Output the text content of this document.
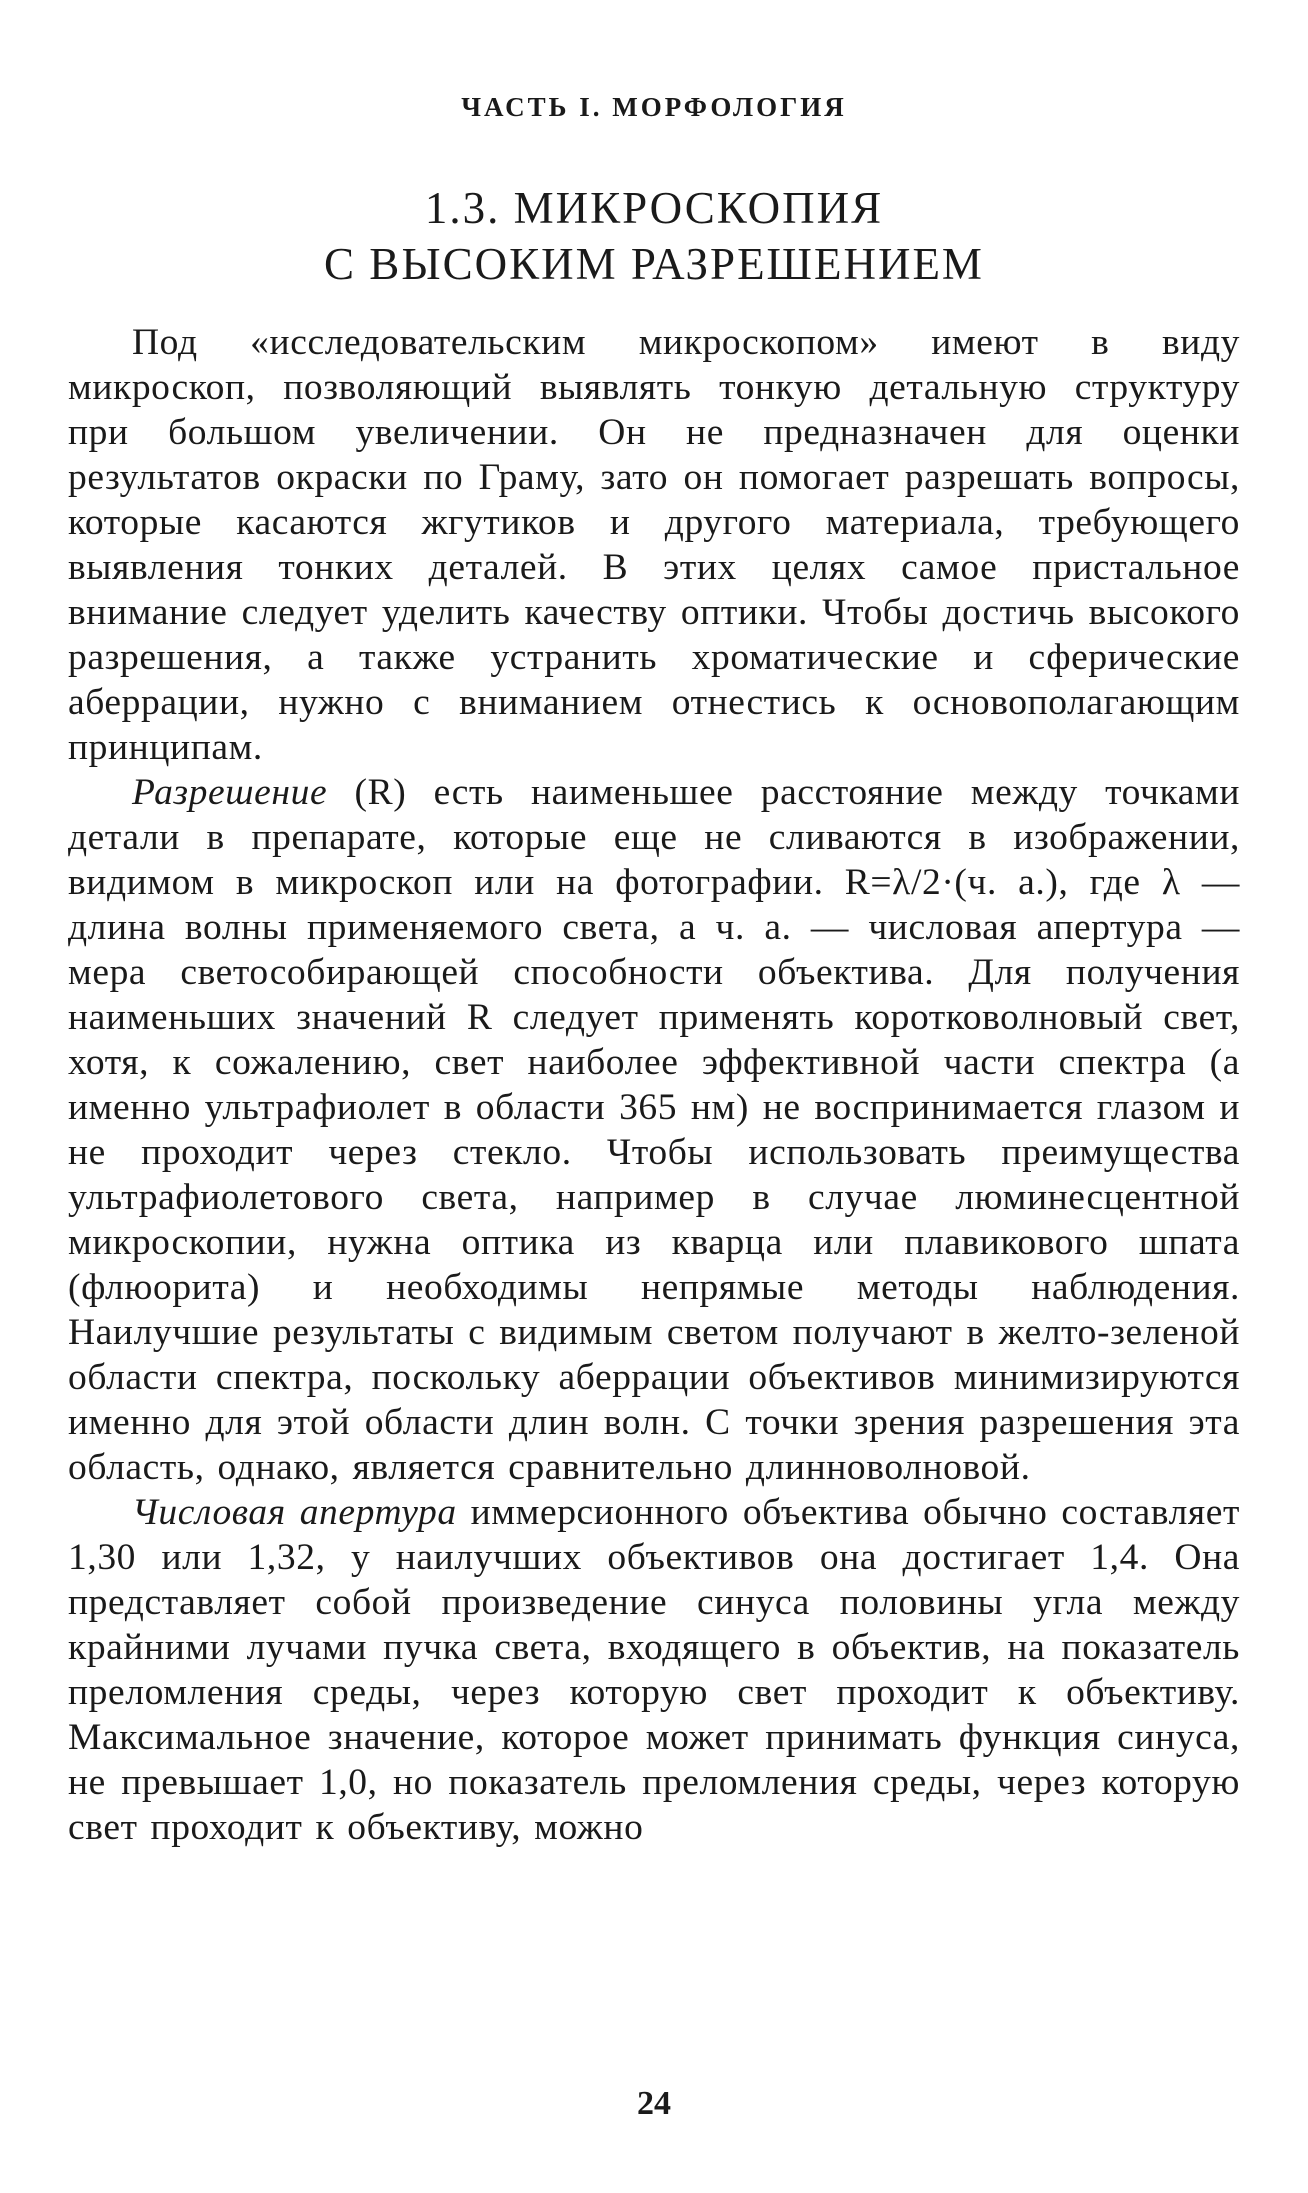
ЧАСТЬ I. МОРФОЛОГИЯ
1.3. МИКРОСКОПИЯ
С ВЫСОКИМ РАЗРЕШЕНИЕМ

Под «исследовательским микроскопом» имеют в виду микроскоп, позволяющий выявлять тонкую детальную структуру при большом увеличении. Он не предназначен для оценки результатов окраски по Граму, зато он помогает разрешать вопросы, которые касаются жгутиков и другого материала, требующего выявления тонких деталей. В этих целях самое пристальное внимание следует уделить качеству оптики. Чтобы достичь высокого разрешения, а также устранить хроматические и сферические аберрации, нужно с вниманием отнестись к основополагающим принципам.

Разрешение (R) есть наименьшее расстояние между точками детали в препарате, которые еще не сливаются в изображении, видимом в микроскоп или на фотографии. R=λ/2·(ч. а.), где λ — длина волны применяемого света, а ч. а. — числовая апертура — мера светособирающей способности объектива. Для получения наименьших значений R следует применять коротковолновый свет, хотя, к сожалению, свет наиболее эффективной части спектра (а именно ультрафиолет в области 365 нм) не воспринимается глазом и не проходит через стекло. Чтобы использовать преимущества ультрафиолетового света, например в случае люминесцентной микроскопии, нужна оптика из кварца или плавикового шпата (флюорита) и необходимы непрямые методы наблюдения. Наилучшие результаты с видимым светом получают в желто-зеленой области спектра, поскольку аберрации объективов минимизируются именно для этой области длин волн. С точки зрения разрешения эта область, однако, является сравнительно длинноволновой.

Числовая апертура иммерсионного объектива обычно составляет 1,30 или 1,32, у наилучших объективов она достигает 1,4. Она представляет собой произведение синуса половины угла между крайними лучами пучка света, входящего в объектив, на показатель преломления среды, через которую свет проходит к объективу. Максимальное значение, которое может принимать функция синуса, не превышает 1,0, но показатель преломления среды, через которую свет проходит к объективу, можно

24
